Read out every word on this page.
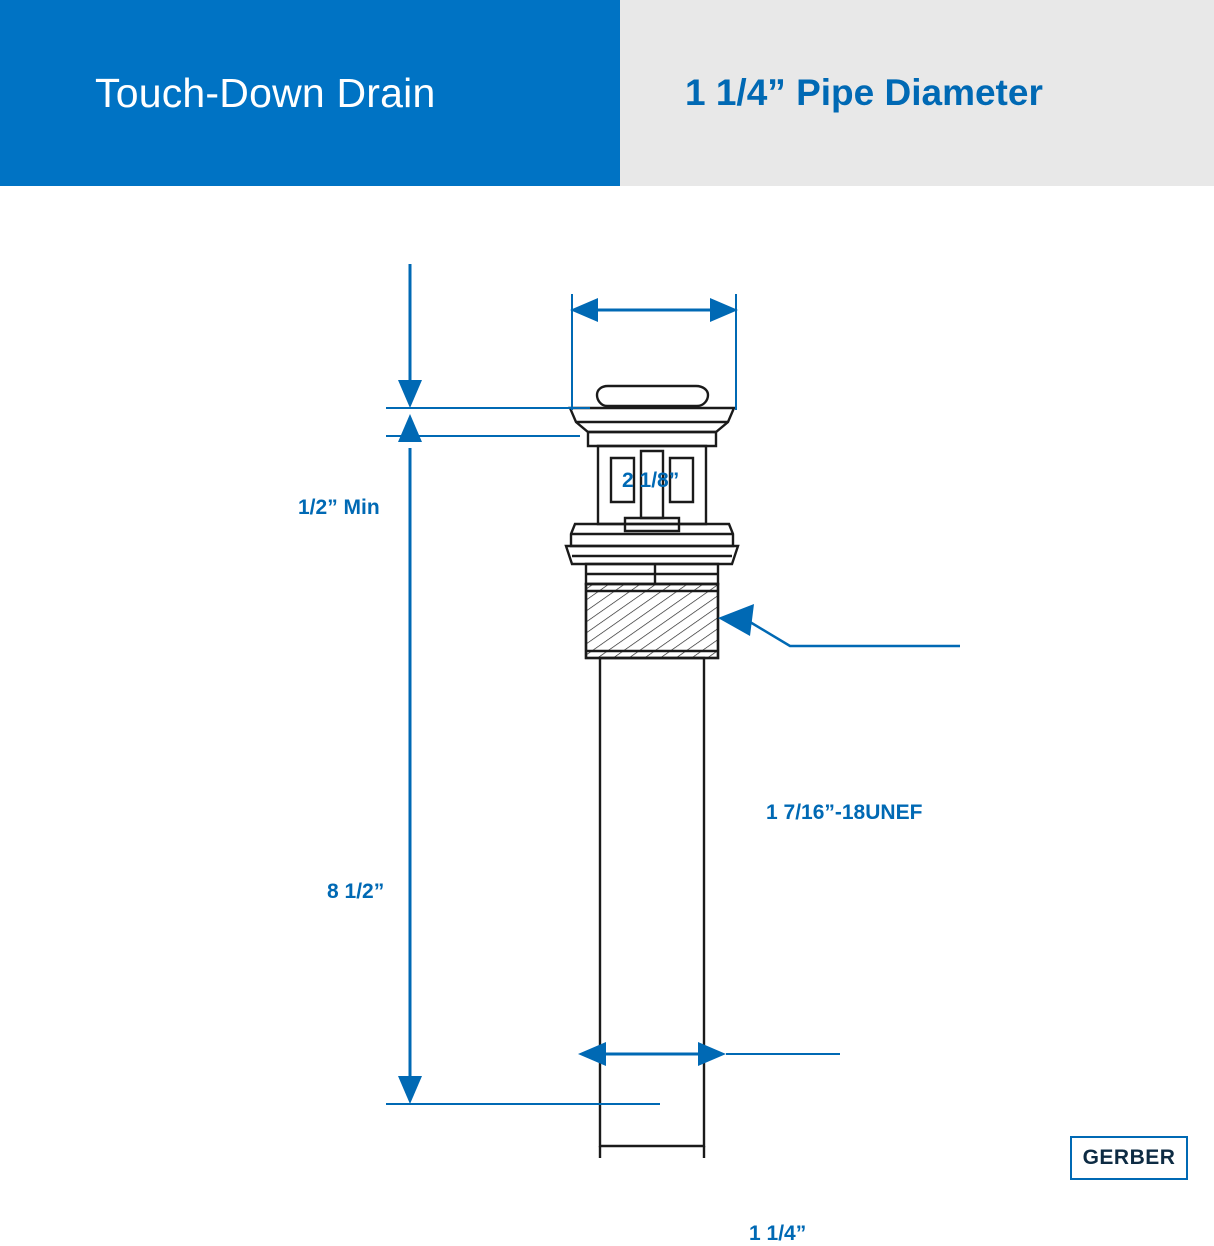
Touch-Down Drain	1 1/4” Pipe Diameter
1/2” Min
2 1/8”
8 1/2”
1 1/4”
1 7/16”-18UNEF
GERBER
